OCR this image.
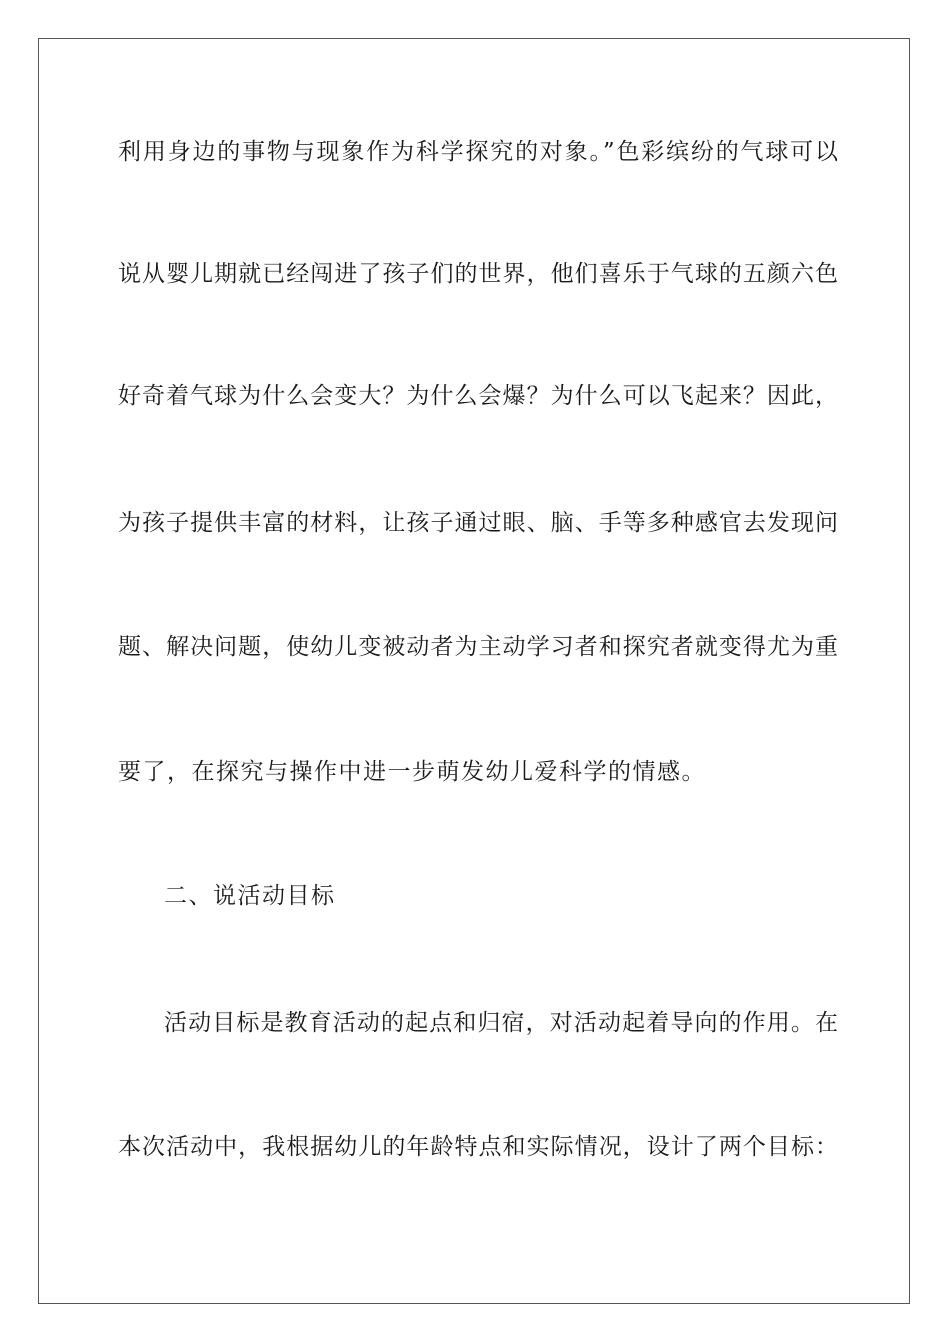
利用身边的事物与现象作为科学探究的对象。”色彩缤纷的气球可以
说从婴儿期就已经闯进了孩子们的世界，他们喜乐于气球的五颜六色
好奇着气球为什么会变大？为什么会爆？为什么可以飞起来？因此，
为孩子提供丰富的材料，让孩子通过眼、脑、手等多种感官去发现问
题、解决问题，使幼儿变被动者为主动学习者和探究者就变得尤为重
要了，在探究与操作中进一步萌发幼儿爱科学的情感。
二、说活动目标
活动目标是教育活动的起点和归宿，对活动起着导向的作用。在
本次活动中，我根据幼儿的年龄特点和实际情况，设计了两个目标：
